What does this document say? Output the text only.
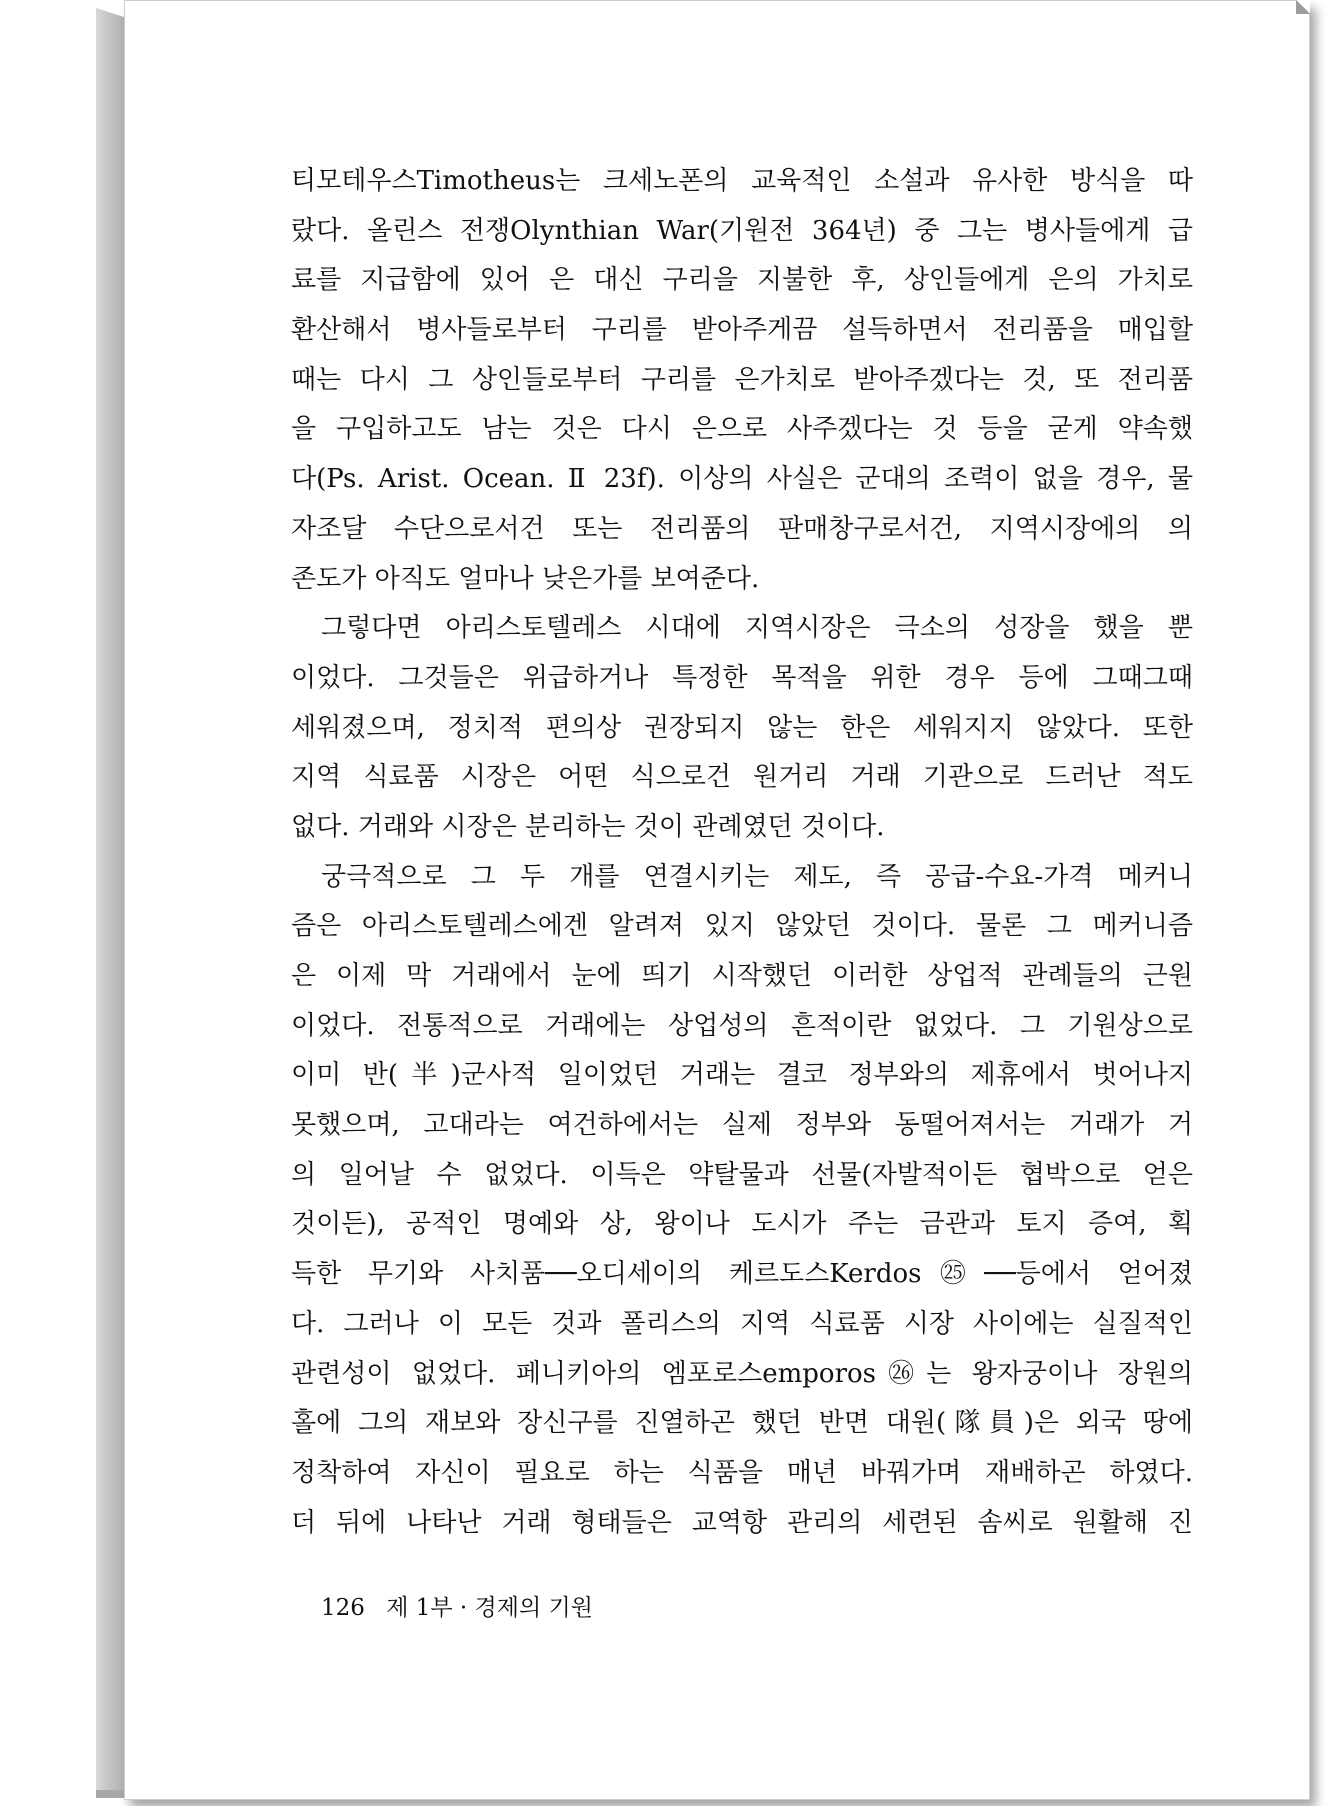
티모테우스Timotheus는 크세노폰의 교육적인 소설과 유사한 방식을 따
랐다. 올린스 전쟁Olynthian War(기원전 364년) 중 그는 병사들에게 급
료를 지급함에 있어 은 대신 구리을 지불한 후, 상인들에게 은의 가치로
환산해서 병사들로부터 구리를 받아주게끔 설득하면서 전리품을 매입할
때는 다시 그 상인들로부터 구리를 은가치로 받아주겠다는 것, 또 전리품
을 구입하고도 남는 것은 다시 은으로 사주겠다는 것 등을 굳게 약속했
다(Ps. Arist. Ocean. Ⅱ 23f). 이상의 사실은 군대의 조력이 없을 경우, 물
자조달 수단으로서건 또는 전리품의 판매창구로서건, 지역시장에의 의
존도가 아직도 얼마나 낮은가를 보여준다.
그렇다면 아리스토텔레스 시대에 지역시장은 극소의 성장을 했을 뿐
이었다. 그것들은 위급하거나 특정한 목적을 위한 경우 등에 그때그때
세워졌으며, 정치적 편의상 권장되지 않는 한은 세워지지 않았다. 또한
지역 식료품 시장은 어떤 식으로건 원거리 거래 기관으로 드러난 적도
없다. 거래와 시장은 분리하는 것이 관례였던 것이다.
궁극적으로 그 두 개를 연결시키는 제도, 즉 공급-수요-가격 메커니
즘은 아리스토텔레스에겐 알려져 있지 않았던 것이다. 물론 그 메커니즘
은 이제 막 거래에서 눈에 띄기 시작했던 이러한 상업적 관례들의 근원
이었다. 전통적으로 거래에는 상업성의 흔적이란 없었다. 그 기원상으로
이미 반(半)군사적 일이었던 거래는 결코 정부와의 제휴에서 벗어나지
못했으며, 고대라는 여건하에서는 실제 정부와 동떨어져서는 거래가 거
의 일어날 수 없었다. 이득은 약탈물과 선물(자발적이든 협박으로 얻은
것이든), 공적인 명예와 상, 왕이나 도시가 주는 금관과 토지 증여, 획
득한 무기와 사치품──오디세이의 케르도스Kerdos㉕──등에서 얻어졌
다. 그러나 이 모든 것과 폴리스의 지역 식료품 시장 사이에는 실질적인
관련성이 없었다. 페니키아의 엠포로스emporos㉖는 왕자궁이나 장원의
홀에 그의 재보와 장신구를 진열하곤 했던 반면 대원(隊員)은 외국 땅에
정착하여 자신이 필요로 하는 식품을 매년 바꿔가며 재배하곤 하였다.
더 뒤에 나타난 거래 형태들은 교역항 관리의 세련된 솜씨로 원활해 진
126 제 1부 · 경제의 기원
